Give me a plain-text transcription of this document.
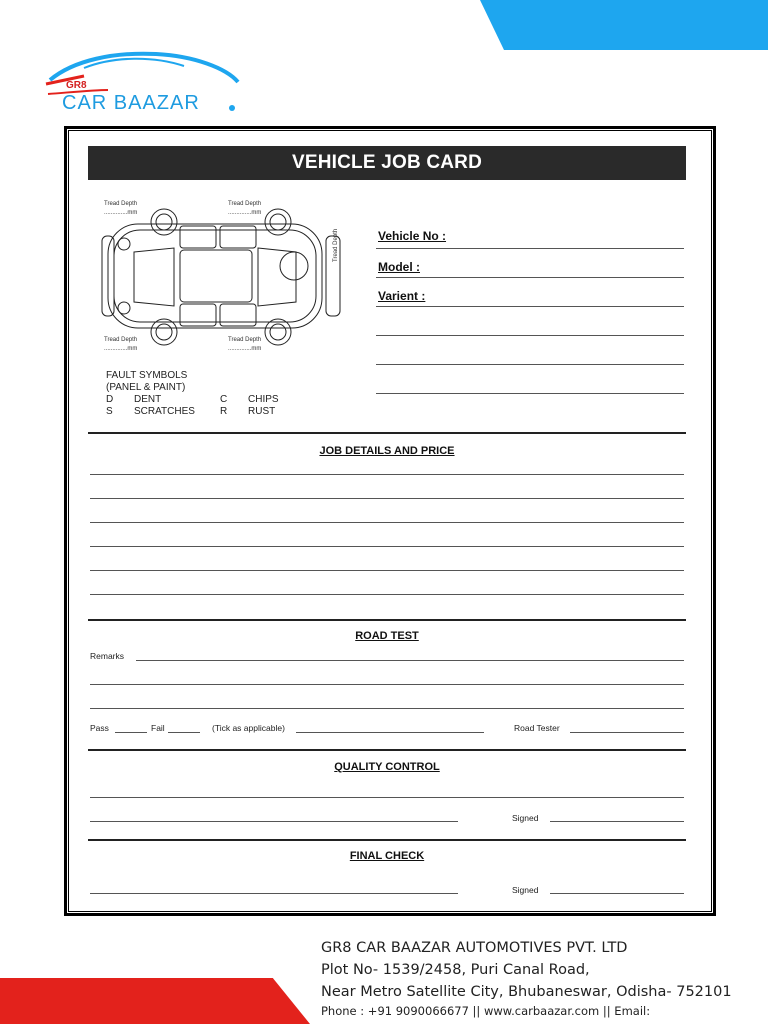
GR8
CAR BAAZAR
VEHICLE JOB CARD
Tread Depth
..............mm
Tread Depth
..............mm
Tread Depth
..............mm
Tread Depth
..............mm
Tread Depth
FAULT SYMBOLS
(PANEL & PAINT)
D	DENT	C	CHIPS
S	SCRATCHES	R	RUST
Vehicle No :
Model :
Varient :
JOB DETAILS AND PRICE
ROAD TEST
Remarks
Pass	Fail	(Tick as applicable)	Road Tester
QUALITY CONTROL
Signed
FINAL CHECK
Signed
GR8 CAR BAAZAR AUTOMOTIVES PVT. LTD
Plot No- 1539/2458, Puri Canal Road,
Near Metro Satellite City, Bhubaneswar, Odisha- 752101
Phone : +91 9090066677 || www.carbaazar.com || Email:
